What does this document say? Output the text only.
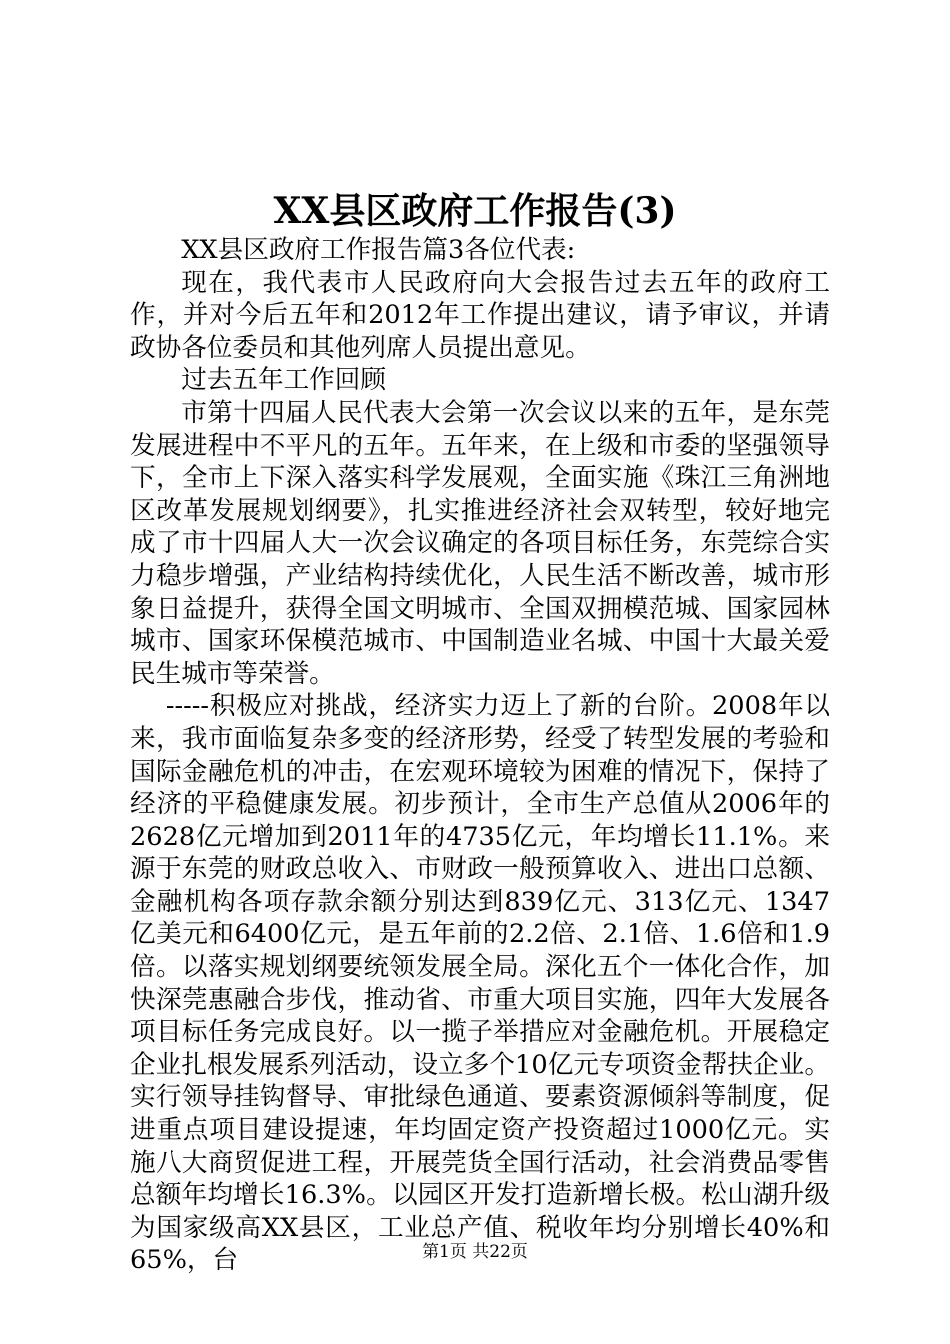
XX县区政府工作报告(3)

XX县区政府工作报告篇3各位代表:

现在，我代表市人民政府向大会报告过去五年的政府工作，并对今后五年和2012年工作提出建议，请予审议，并请政协各位委员和其他列席人员提出意见。

过去五年工作回顾

市第十四届人民代表大会第一次会议以来的五年，是东莞发展进程中不平凡的五年。五年来，在上级和市委的坚强领导下，全市上下深入落实科学发展观，全面实施《珠江三角洲地区改革发展规划纲要》，扎实推进经济社会双转型，较好地完成了市十四届人大一次会议确定的各项目标任务，东莞综合实力稳步增强，产业结构持续优化，人民生活不断改善，城市形象日益提升，获得全国文明城市、全国双拥模范城、国家园林城市、国家环保模范城市、中国制造业名城、中国十大最关爱民生城市等荣誉。

-----积极应对挑战，经济实力迈上了新的台阶。2008年以来，我市面临复杂多变的经济形势，经受了转型发展的考验和国际金融危机的冲击，在宏观环境较为困难的情况下，保持了经济的平稳健康发展。初步预计，全市生产总值从2006年的2628亿元增加到2011年的4735亿元，年均增长11.1%。来源于东莞的财政总收入、市财政一般预算收入、进出口总额、金融机构各项存款余额分别达到839亿元、313亿元、1347亿美元和6400亿元，是五年前的2.2倍、2.1倍、1.6倍和1.9倍。以落实规划纲要统领发展全局。深化五个一体化合作，加快深莞惠融合步伐，推动省、市重大项目实施，四年大发展各项目标任务完成良好。以一揽子举措应对金融危机。开展稳定企业扎根发展系列活动，设立多个10亿元专项资金帮扶企业。实行领导挂钩督导、审批绿色通道、要素资源倾斜等制度，促进重点项目建设提速，年均固定资产投资超过1000亿元。实施八大商贸促进工程，开展莞货全国行活动，社会消费品零售总额年均增长16.3%。以园区开发打造新增长极。松山湖升级为国家级高XX县区，工业总产值、税收年均分别增长40%和65%，台	第1页 共22页
